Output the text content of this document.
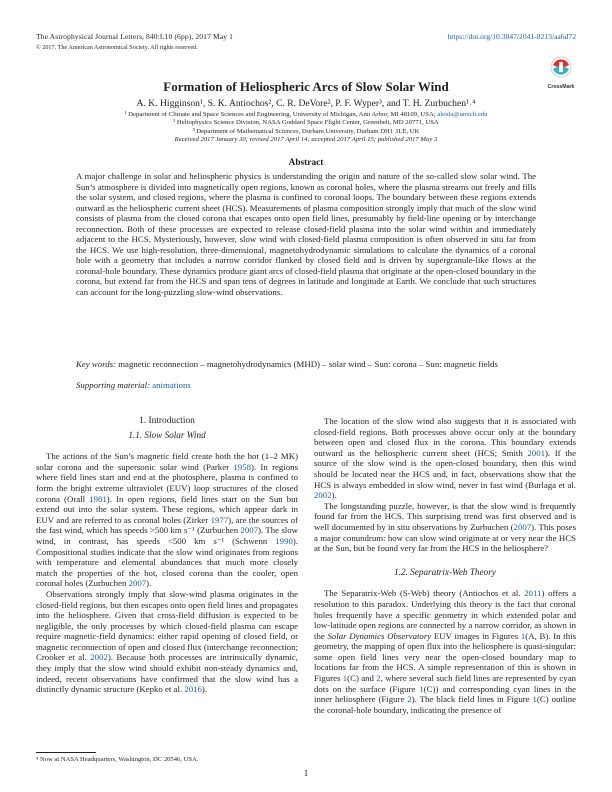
The Astrophysical Journal Letters, 840:L10 (6pp), 2017 May 1	https://doi.org/10.3847/2041-8213/aa6d72
© 2017. The American Astronomical Society. All rights reserved.
CrossMark
Formation of Heliospheric Arcs of Slow Solar Wind
A. K. Higginson¹, S. K. Antiochos², C. R. DeVore², P. F. Wyper³, and T. H. Zurbuchen¹˒⁴
¹ Department of Climate and Space Sciences and Engineering, University of Michigan, Ann Arbor, MI 48109, USA; aleida@umich.edu
² Heliophysics Science Division, NASA Goddard Space Flight Center, Greenbelt, MD 20771, USA
³ Department of Mathematical Sciences, Durham University, Durham DH1 3LE, UK
Received 2017 January 30; revised 2017 April 14; accepted 2017 April 15; published 2017 May 3
Abstract
A major challenge in solar and heliospheric physics is understanding the origin and nature of the so-called slow solar wind. The Sun’s atmosphere is divided into magnetically open regions, known as coronal holes, where the plasma streams out freely and fills the solar system, and closed regions, where the plasma is confined to coronal loops. The boundary between these regions extends outward as the heliospheric current sheet (HCS). Measurements of plasma composition strongly imply that much of the slow wind consists of plasma from the closed corona that escapes onto open field lines, presumably by field-line opening or by interchange reconnection. Both of these processes are expected to release closed-field plasma into the solar wind within and immediately adjacent to the HCS. Mysteriously, however, slow wind with closed-field plasma composition is often observed in situ far from the HCS. We use high-resolution, three-dimensional, magnetohydrodynamic simulations to calculate the dynamics of a coronal hole with a geometry that includes a narrow corridor flanked by closed field and is driven by supergranule-like flows at the coronal-hole boundary. These dynamics produce giant arcs of closed-field plasma that originate at the open-closed boundary in the corona, but extend far from the HCS and span tens of degrees in latitude and longitude at Earth. We conclude that such structures can account for the long-puzzling slow-wind observations.
Key words: magnetic reconnection – magnetohydrodynamics (MHD) – solar wind – Sun: corona – Sun: magnetic fields
Supporting material: animations
1. Introduction
1.1. Slow Solar Wind

The actions of the Sun’s magnetic field create both the hot (1–2 MK) solar corona and the supersonic solar wind (Parker 1958). In regions where field lines start and end at the photosphere, plasma is confined to form the bright extreme ultraviolet (EUV) loop structures of the closed corona (Orall 1981). In open regions, field lines start on the Sun but extend out into the solar system. These regions, which appear dark in EUV and are referred to as coronal holes (Zirker 1977), are the sources of the fast wind, which has speeds >500 km s⁻¹ (Zurbuchen 2007). The slow wind, in contrast, has speeds <500 km s⁻¹ (Schwenn 1990). Compositional studies indicate that the slow wind originates from regions with temperature and elemental abundances that much more closely match the properties of the hot, closed corona than the cooler, open coronal holes (Zurbuchen 2007).

Observations strongly imply that slow-wind plasma originates in the closed-field regions, but then escapes onto open field lines and propagates into the heliosphere. Given that cross-field diffusion is expected to be negligible, the only processes by which closed-field plasma can escape require magnetic-field dynamics: either rapid opening of closed field, or magnetic reconnection of open and closed flux (interchange reconnection; Crooker et al. 2002). Because both processes are intrinsically dynamic, they imply that the slow wind should exhibit non-steady dynamics and, indeed, recent observations have confirmed that the slow wind has a distinctly dynamic structure (Kepko et al. 2016).

The location of the slow wind also suggests that it is associated with closed-field regions. Both processes above occur only at the boundary between open and closed flux in the corona. This boundary extends outward as the heliospheric current sheet (HCS; Smith 2001). If the source of the slow wind is the open-closed boundary, then this wind should be located near the HCS and, in fact, observations show that the HCS is always embedded in slow wind, never in fast wind (Burlaga et al. 2002).

The longstanding puzzle, however, is that the slow wind is frequently found far from the HCS. This surprising trend was first observed and is well documented by in situ observations by Zurbuchen (2007). This poses a major conundrum: how can slow wind originate at or very near the HCS at the Sun, but be found very far from the HCS in the heliosphere?

1.2. Separatrix-Web Theory

The Separatrix-Web (S-Web) theory (Antiochos et al. 2011) offers a resolution to this paradox. Underlying this theory is the fact that coronal holes frequently have a specific geometry in which extended polar and low-latitude open regions are connected by a narrow corridor, as shown in the Solar Dynamics Observatory EUV images in Figures 1(A, B). In this geometry, the mapping of open flux into the heliosphere is quasi-singular: some open field lines very near the open-closed boundary map to locations far from the HCS. A simple representation of this is shown in Figures 1(C) and 2, where several such field lines are represented by cyan dots on the surface (Figure 1(C)) and corresponding cyan lines in the inner heliosphere (Figure 2). The black field lines in Figure 1(C) outline the coronal-hole boundary, indicating the presence of

⁴ Now at NASA Headquarters, Washington, DC 20546, USA.
1
